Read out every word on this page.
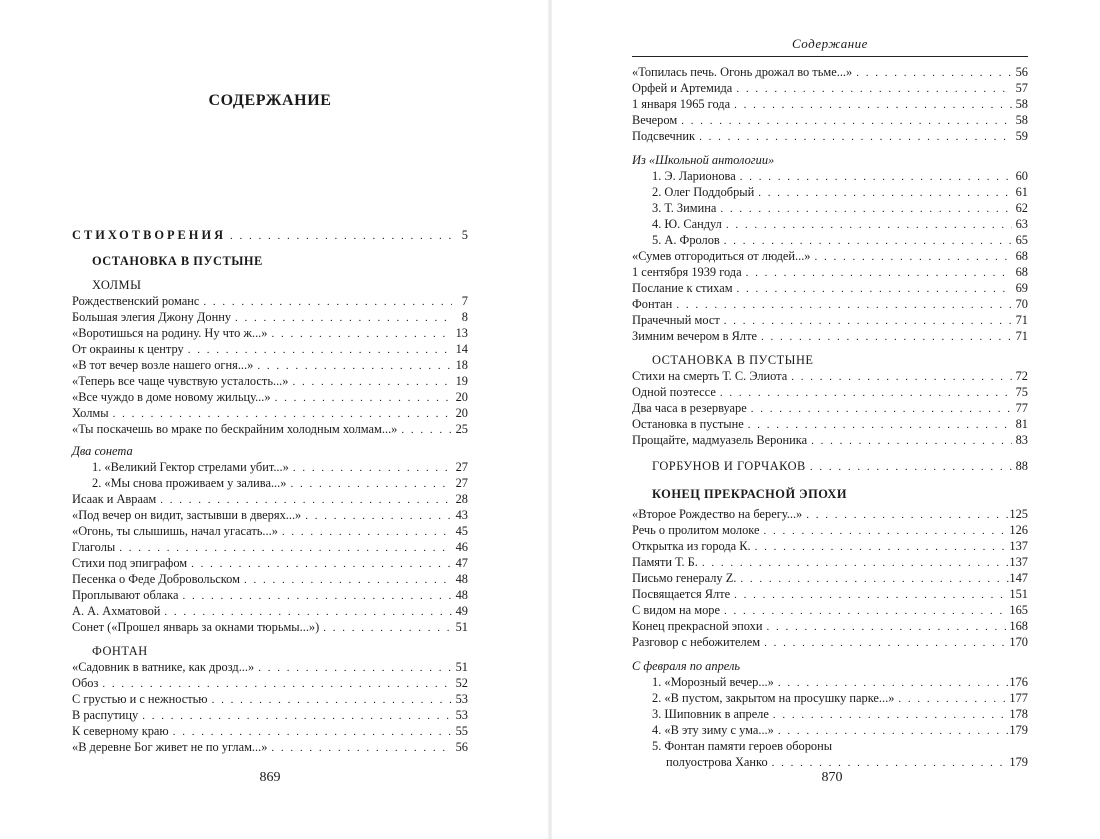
СОДЕРЖАНИЕ
СТИХОТВОРЕНИЯ . . .	5
ОСТАНОВКА В ПУСТЫНЕ
ХОЛМЫ
Рождественский романс . . .	7
Большая элегия Джону Донну . . .	8
«Воротишься на родину. Ну что ж...» . . .	13
От окраины к центру . . .	14
«В тот вечер возле нашего огня...» . . .	18
«Теперь все чаще чувствую усталость...» . . .	19
«Все чуждо в доме новому жильцу...» . . .	20
Холмы . . .	20
«Ты поскачешь во мраке по бескрайним холодным холмам...» . . .	25
Два сонета
1. «Великий Гектор стрелами убит...» . . .	27
2. «Мы снова проживаем у залива...» . . .	27
Исаак и Авраам . . .	28
«Под вечер он видит, застывши в дверях...» . . .	43
«Огонь, ты слышишь, начал угасать...» . . .	45
Глаголы . . .	46
Стихи под эпиграфом . . .	47
Песенка о Феде Добровольском . . .	48
Проплывают облака . . .	48
А. А. Ахматовой . . .	49
Сонет («Прошел январь за окнами тюрьмы...») . . .	51
ФОНТАН
«Садовник в ватнике, как дрозд...» . . .	51
Обоз . . .	52
С грустью и с нежностью . . .	53
В распутицу . . .	53
К северному краю . . .	55
«В деревне Бог живет не по углам...» . . .	56
869
Содержание
«Топилась печь. Огонь дрожал во тьме...» . . .	56
Орфей и Артемида . . .	57
1 января 1965 года . . .	58
Вечером . . .	58
Подсвечник . . .	59
Из «Школьной антологии»
1. Э. Ларионова . . .	60
2. Олег Поддобрый . . .	61
3. Т. Зимина . . .	62
4. Ю. Сандул . . .	63
5. А. Фролов . . .	65
«Сумев отгородиться от людей...» . . .	68
1 сентября 1939 года . . .	68
Послание к стихам . . .	69
Фонтан . . .	70
Прачечный мост . . .	71
Зимним вечером в Ялте . . .	71
ОСТАНОВКА В ПУСТЫНЕ
Стихи на смерть Т. С. Элиота . . .	72
Одной поэтессе . . .	75
Два часа в резервуаре . . .	77
Остановка в пустыне . . .	81
Прощайте, мадмуазель Вероника . . .	83
ГОРБУНОВ И ГОРЧАКОВ . . .	88
КОНЕЦ ПРЕКРАСНОЙ ЭПОХИ
«Второе Рождество на берегу...» . . .	125
Речь о пролитом молоке . . .	126
Открытка из города К. . . .	137
Памяти Т. Б. . . .	137
Письмо генералу Z. . . .	147
Посвящается Ялте . . .	151
С видом на море . . .	165
Конец прекрасной эпохи . . .	168
Разговор с небожителем . . .	170
С февраля по апрель
1. «Морозный вечер...» . . .	176
2. «В пустом, закрытом на просушку парке...» . . .	177
3. Шиповник в апреле . . .	178
4. «В эту зиму с ума...» . . .	179
5. Фонтан памяти героев обороны
полуострова Ханко . . .	179
870
